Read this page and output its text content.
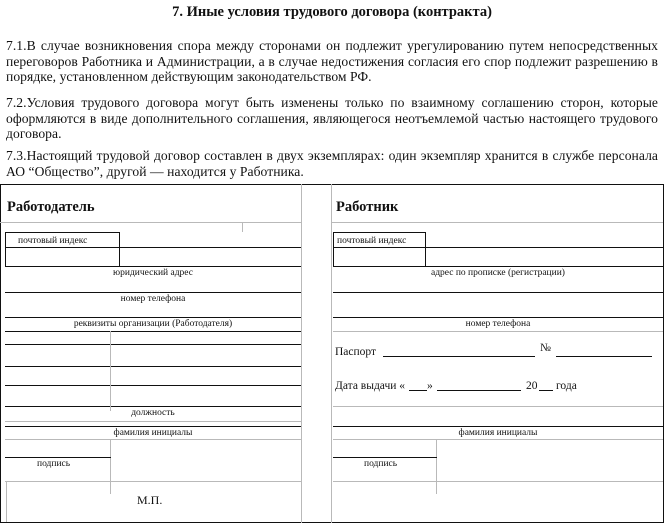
7. Иные условия трудового договора (контракта)
7.1.В случае возникновения спора между сторонами он подлежит урегулированию путем непосредственных переговоров Работника и Администрации, а в случае недостижения согласия его спор подлежит разрешению в порядке, установленном действующим законодательством РФ.
7.2.Условия трудового договора могут быть изменены только по взаимному соглашению сторон, которые оформляются в виде дополнительного соглашения, являющегося неотъемлемой частью настоящего трудового договора.
7.3.Настоящий трудовой договор составлен в двух экземплярах: один экземпляр хранится в службе персонала АО “Общество”, другой — находится у Работника.
Работодатель
почтовый индекс
юридический адрес
номер телефона
реквизиты организации (Работодателя)
должность
фамилия инициалы
подпись
М.П.
Работник
почтовый индекс
адрес по прописке (регистрации)
номер телефона
Паспорт	№
Дата выдачи « »	20 года
фамилия инициалы
подпись
